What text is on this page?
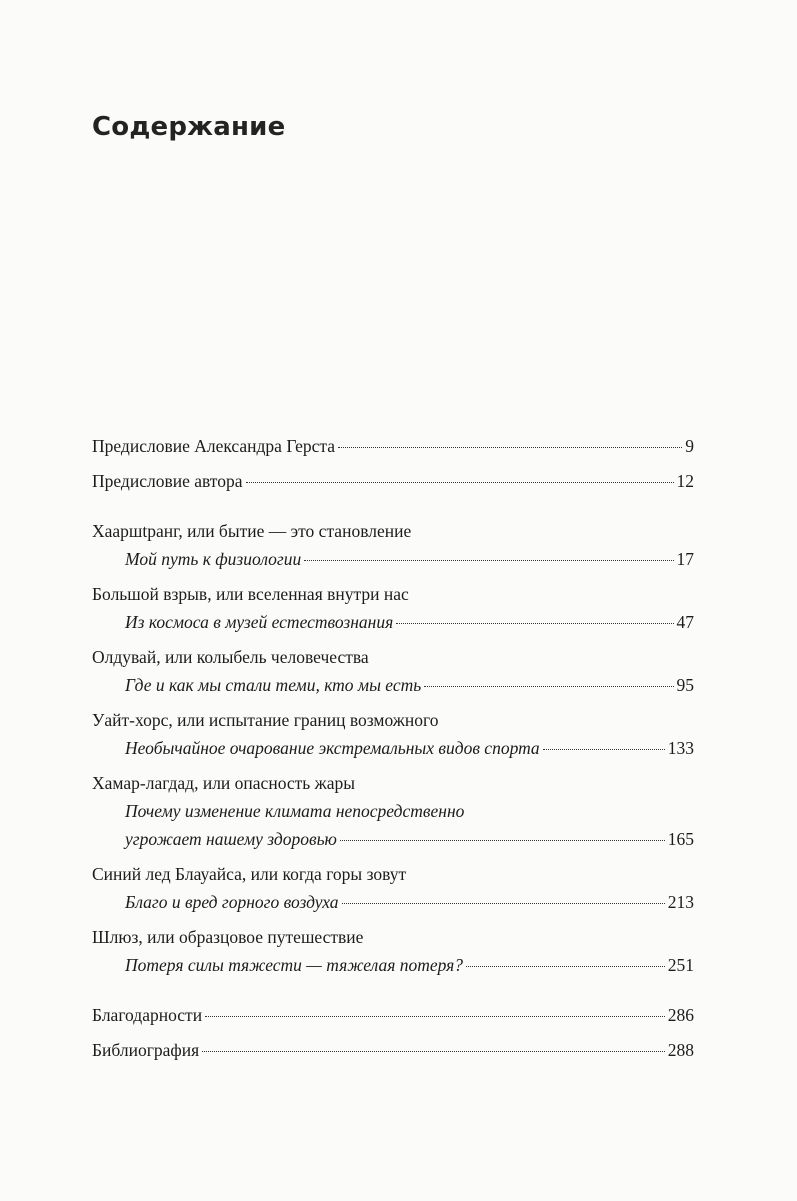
Содержание
Предисловие Александра Герста	9
Предисловие автора	12
Хааршtранг, или бытие — это становление
Мой путь к физиологии	17
Большой взрыв, или вселенная внутри нас
Из космоса в музей естествознания	47
Олдувай, или колыбель человечества
Где и как мы стали теми, кто мы есть	95
Уайт-хорс, или испытание границ возможного
Необычайное очарование экстремальных видов спорта	133
Хамар-лагдад, или опасность жары
Почему изменение климата непосредственно
угрожает нашему здоровью	165
Синий лед Блауайса, или когда горы зовут
Благо и вред горного воздуха	213
Шлюз, или образцовое путешествие
Потеря силы тяжести — тяжелая потеря?	251
Благодарности	286
Библиография	288
